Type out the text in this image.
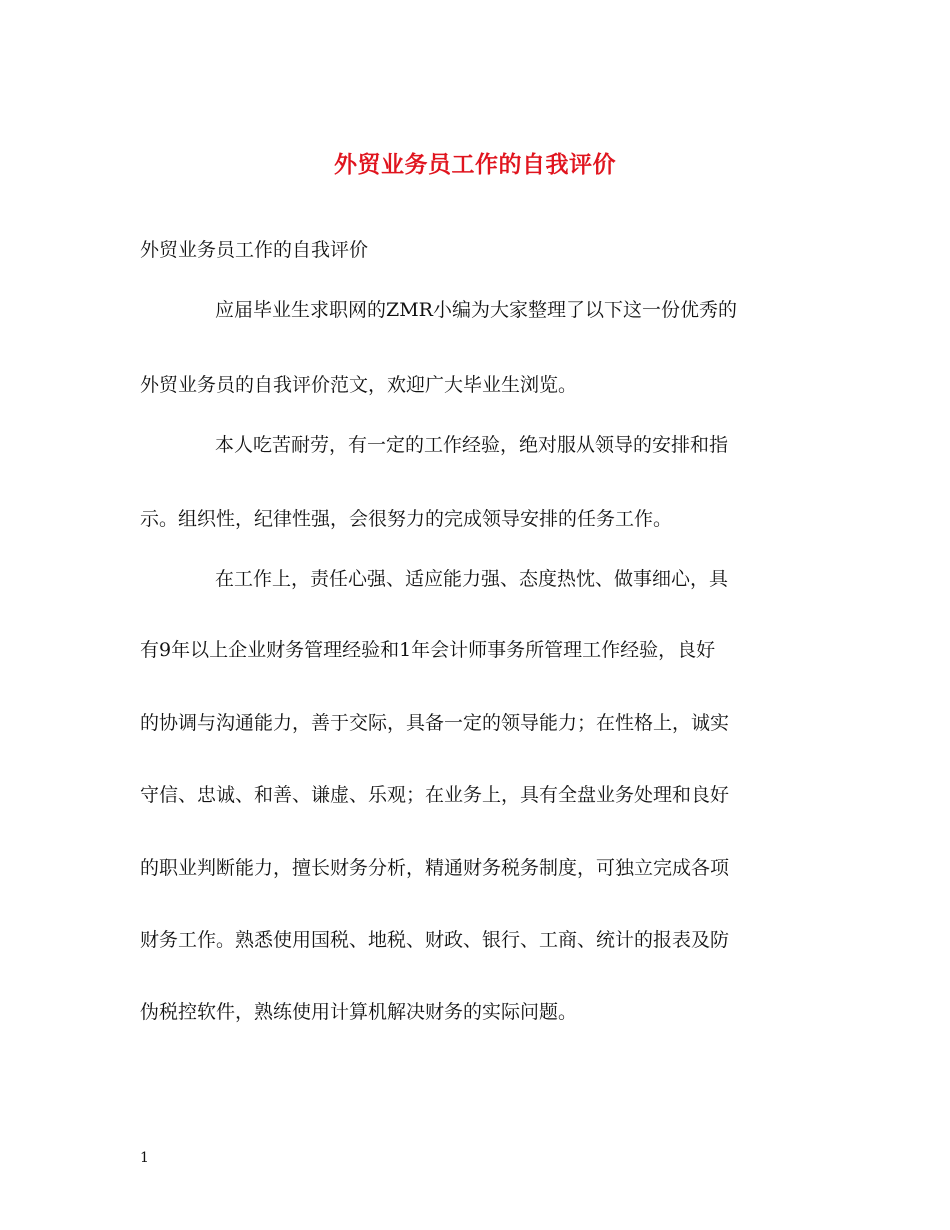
外贸业务员工作的自我评价

外贸业务员工作的自我评价

应届毕业生求职网的ZMR小编为大家整理了以下这一份优秀的

外贸业务员的自我评价范文，欢迎广大毕业生浏览。

本人吃苦耐劳，有一定的工作经验，绝对服从领导的安排和指

示。组织性，纪律性强，会很努力的完成领导安排的任务工作。

在工作上，责任心强、适应能力强、态度热忱、做事细心，具

有9年以上企业财务管理经验和1年会计师事务所管理工作经验，良好

的协调与沟通能力，善于交际，具备一定的领导能力；在性格上，诚实

守信、忠诚、和善、谦虚、乐观；在业务上，具有全盘业务处理和良好

的职业判断能力，擅长财务分析，精通财务税务制度，可独立完成各项

财务工作。熟悉使用国税、地税、财政、银行、工商、统计的报表及防

伪税控软件，熟练使用计算机解决财务的实际问题。

1
